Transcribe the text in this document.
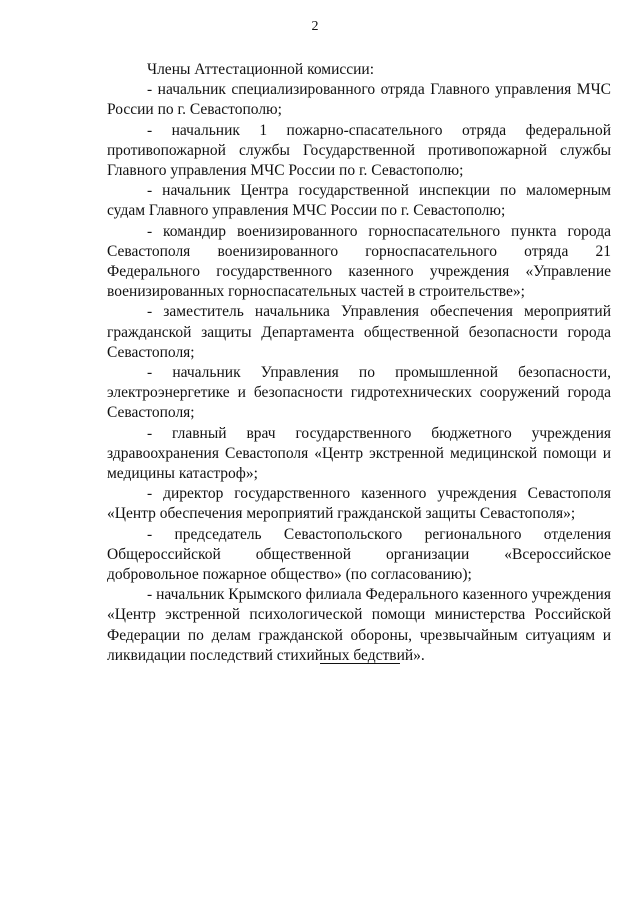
2

Члены Аттестационной комиссии:

- начальник специализированного отряда Главного управления МЧС России по г. Севастополю;

- начальник 1 пожарно-спасательного отряда федеральной противопожарной службы Государственной противопожарной службы Главного управления МЧС России по г. Севастополю;

- начальник Центра государственной инспекции по маломерным судам Главного управления МЧС России по г. Севастополю;

- командир военизированного горноспасательного пункта города Севастополя военизированного горноспасательного отряда 21 Федерального государственного казенного учреждения «Управление военизированных горноспасательных частей в строительстве»;

- заместитель начальника Управления обеспечения мероприятий гражданской защиты Департамента общественной безопасности города Севастополя;

- начальник Управления по промышленной безопасности, электроэнергетике и безопасности гидротехнических сооружений города Севастополя;

- главный врач государственного бюджетного учреждения здравоохранения Севастополя «Центр экстренной медицинской помощи и медицины катастроф»;

- директор государственного казенного учреждения Севастополя «Центр обеспечения мероприятий гражданской защиты Севастополя»;

- председатель Севастопольского регионального отделения Общероссийской общественной организации «Всероссийское добровольное пожарное общество» (по согласованию);

- начальник Крымского филиала Федерального казенного учреждения «Центр экстренной психологической помощи министерства Российской Федерации по делам гражданской обороны, чрезвычайным ситуациям и ликвидации последствий стихийных бедствий».
